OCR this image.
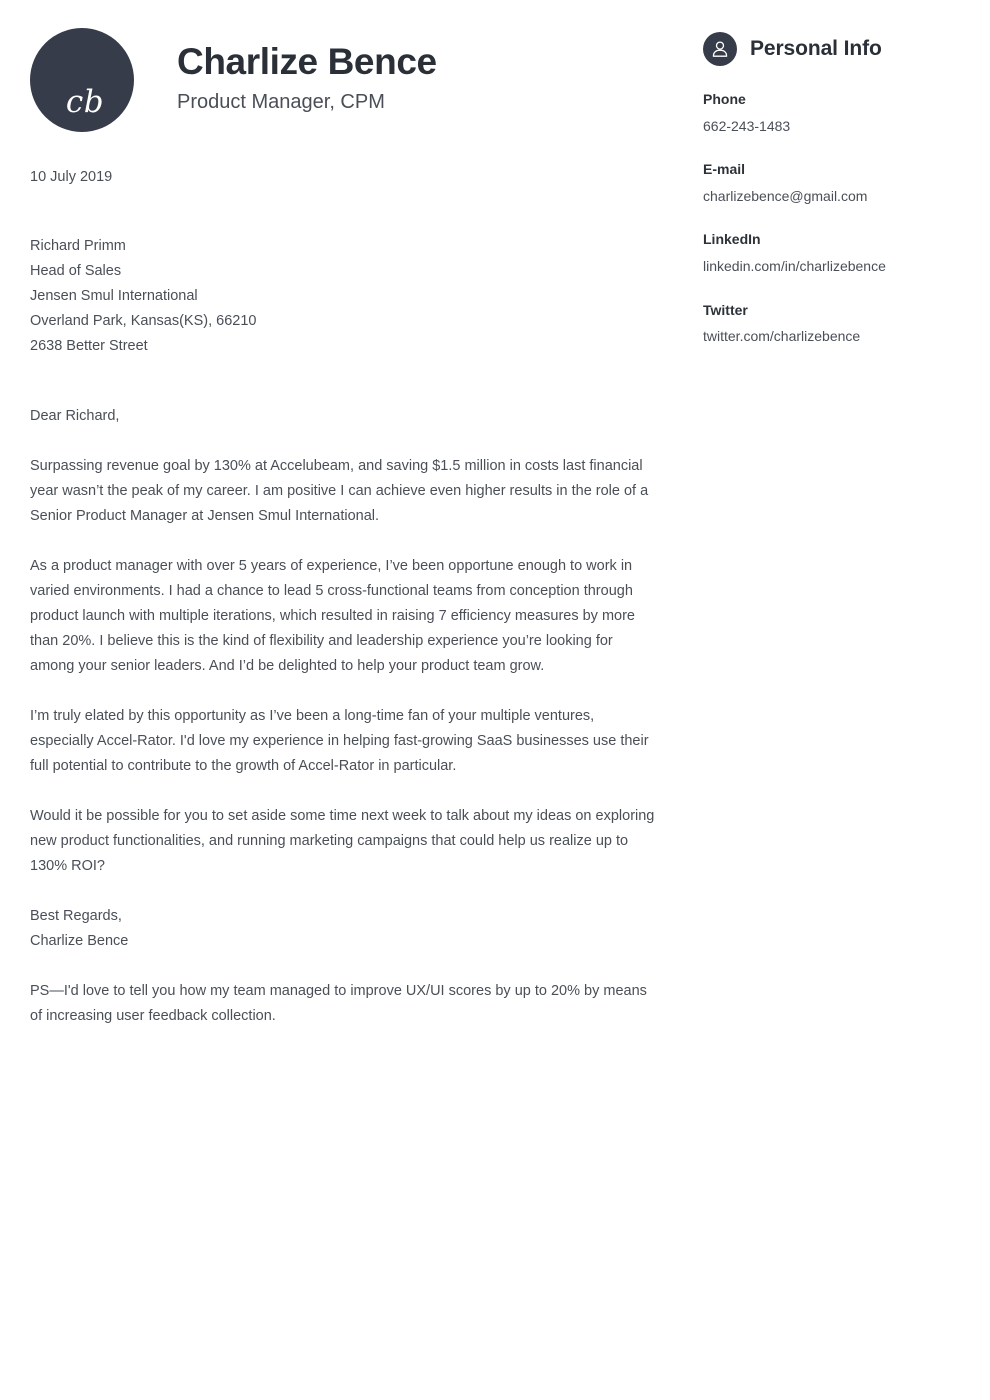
cb
Charlize Bence
Product Manager, CPM
10 July 2019
Richard Primm
Head of Sales
Jensen Smul International
Overland Park, Kansas(KS), 66210
2638 Better Street
Dear Richard,

Surpassing revenue goal by 130% at Accelubeam, and saving $1.5 million in costs last financial year wasn’t the peak of my career. I am positive I can achieve even higher results in the role of a Senior Product Manager at Jensen Smul International.

As a product manager with over 5 years of experience, I’ve been opportune enough to work in varied environments. I had a chance to lead 5 cross-functional teams from conception through product launch with multiple iterations, which resulted in raising 7 efficiency measures by more than 20%. I believe this is the kind of flexibility and leadership experience you’re looking for among your senior leaders. And I’d be delighted to help your product team grow.

I’m truly elated by this opportunity as I’ve been a long-time fan of your multiple ventures, especially Accel-Rator. I'd love my experience in helping fast-growing SaaS businesses use their full potential to contribute to the growth of Accel-Rator in particular.

Would it be possible for you to set aside some time next week to talk about my ideas on exploring new product functionalities, and running marketing campaigns that could help us realize up to 130% ROI?

Best Regards,
Charlize Bence

PS—I'd love to tell you how my team managed to improve UX/UI scores by up to 20% by means of increasing user feedback collection.

Personal Info
Phone
662-243-1483
E-mail
charlizebence@gmail.com
LinkedIn
linkedin.com/in/charlizebence
Twitter
twitter.com/charlizebence
